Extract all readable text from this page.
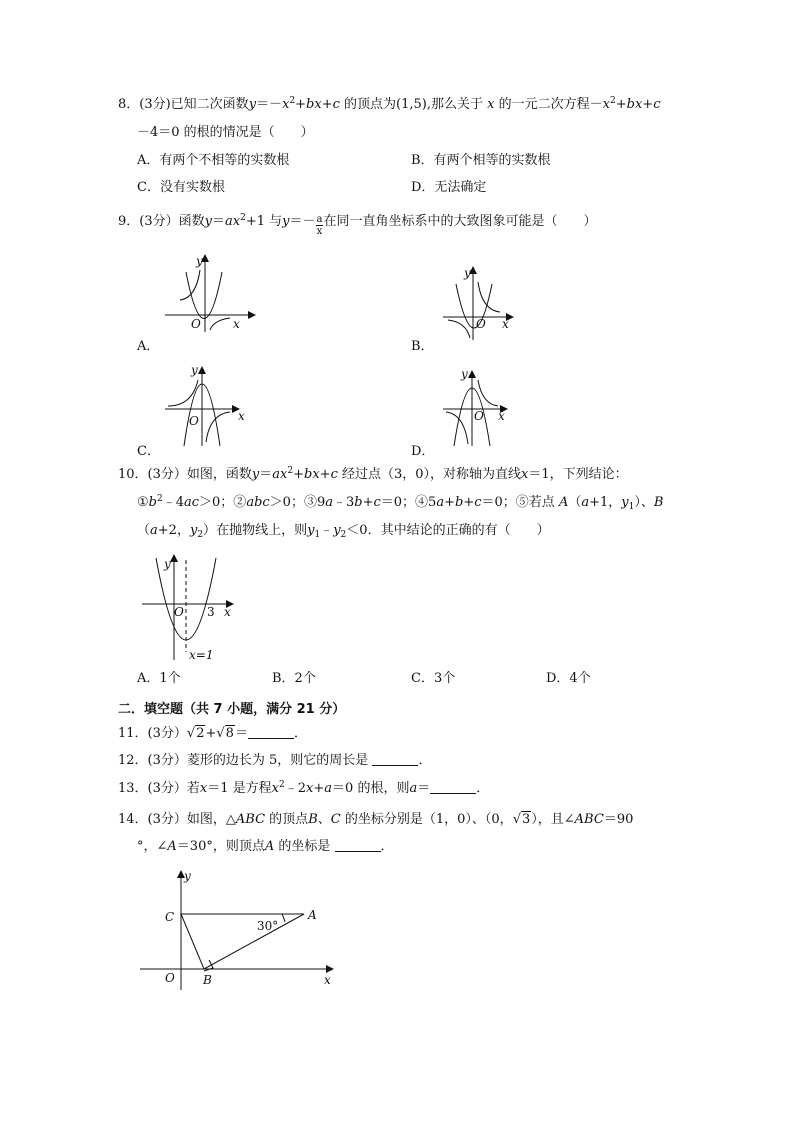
8．(3分)已知二次函数$y=-x^2+bx+c$ 的顶点为(1,5),那么关于 x 的一元二次方程$-x^2+bx+c$
－4＝0 的根的情况是（　　）
A．有两个不相等的实数根	B．有两个相等的实数根
C．没有实数根	D．无法确定
9．(3分）函数$y=ax^2+1$ 与$y=- \frac{a}{x}$ 在同一直角坐标系中的大致图象可能是（　　）
y
O	x
A．
y
O x
B．
y
O	x
C．
y
O x
D．
10．(3分）如图，函数$y=ax^2+bx+c$ 经过点（3，0），对称轴为直线x＝1，下列结论：
$①b^2﹣4ac>0$；②abc＞0；③9a﹣3b+c＝0；④5a+b+c＝0；⑤若点 A（a+1，$y_1$）、B
（a+2，$y_2$）在抛物线上，则$y_1﹣y_2<0$．其中结论的正确的有（　　）
y
O 3 x
x=1
A．1个	B．2个	C．3个	D．4个
二．填空题（共 7 小题，满分 21 分）
11．(3分）√2+√8＝	．
12．(3分）菱形的边长为 5，则它的周长是	．
13．(3分）若x＝1 是方程$x^2﹣2x+a=0$ 的根，则a＝	．
14．(3分）如图，△ABC 的顶点B、C 的坐标分别是（1，0）、（0，√3），且∠ABC＝90
°，∠A＝30°，则顶点A 的坐标是	．
y
C	A
30°
O B	x
